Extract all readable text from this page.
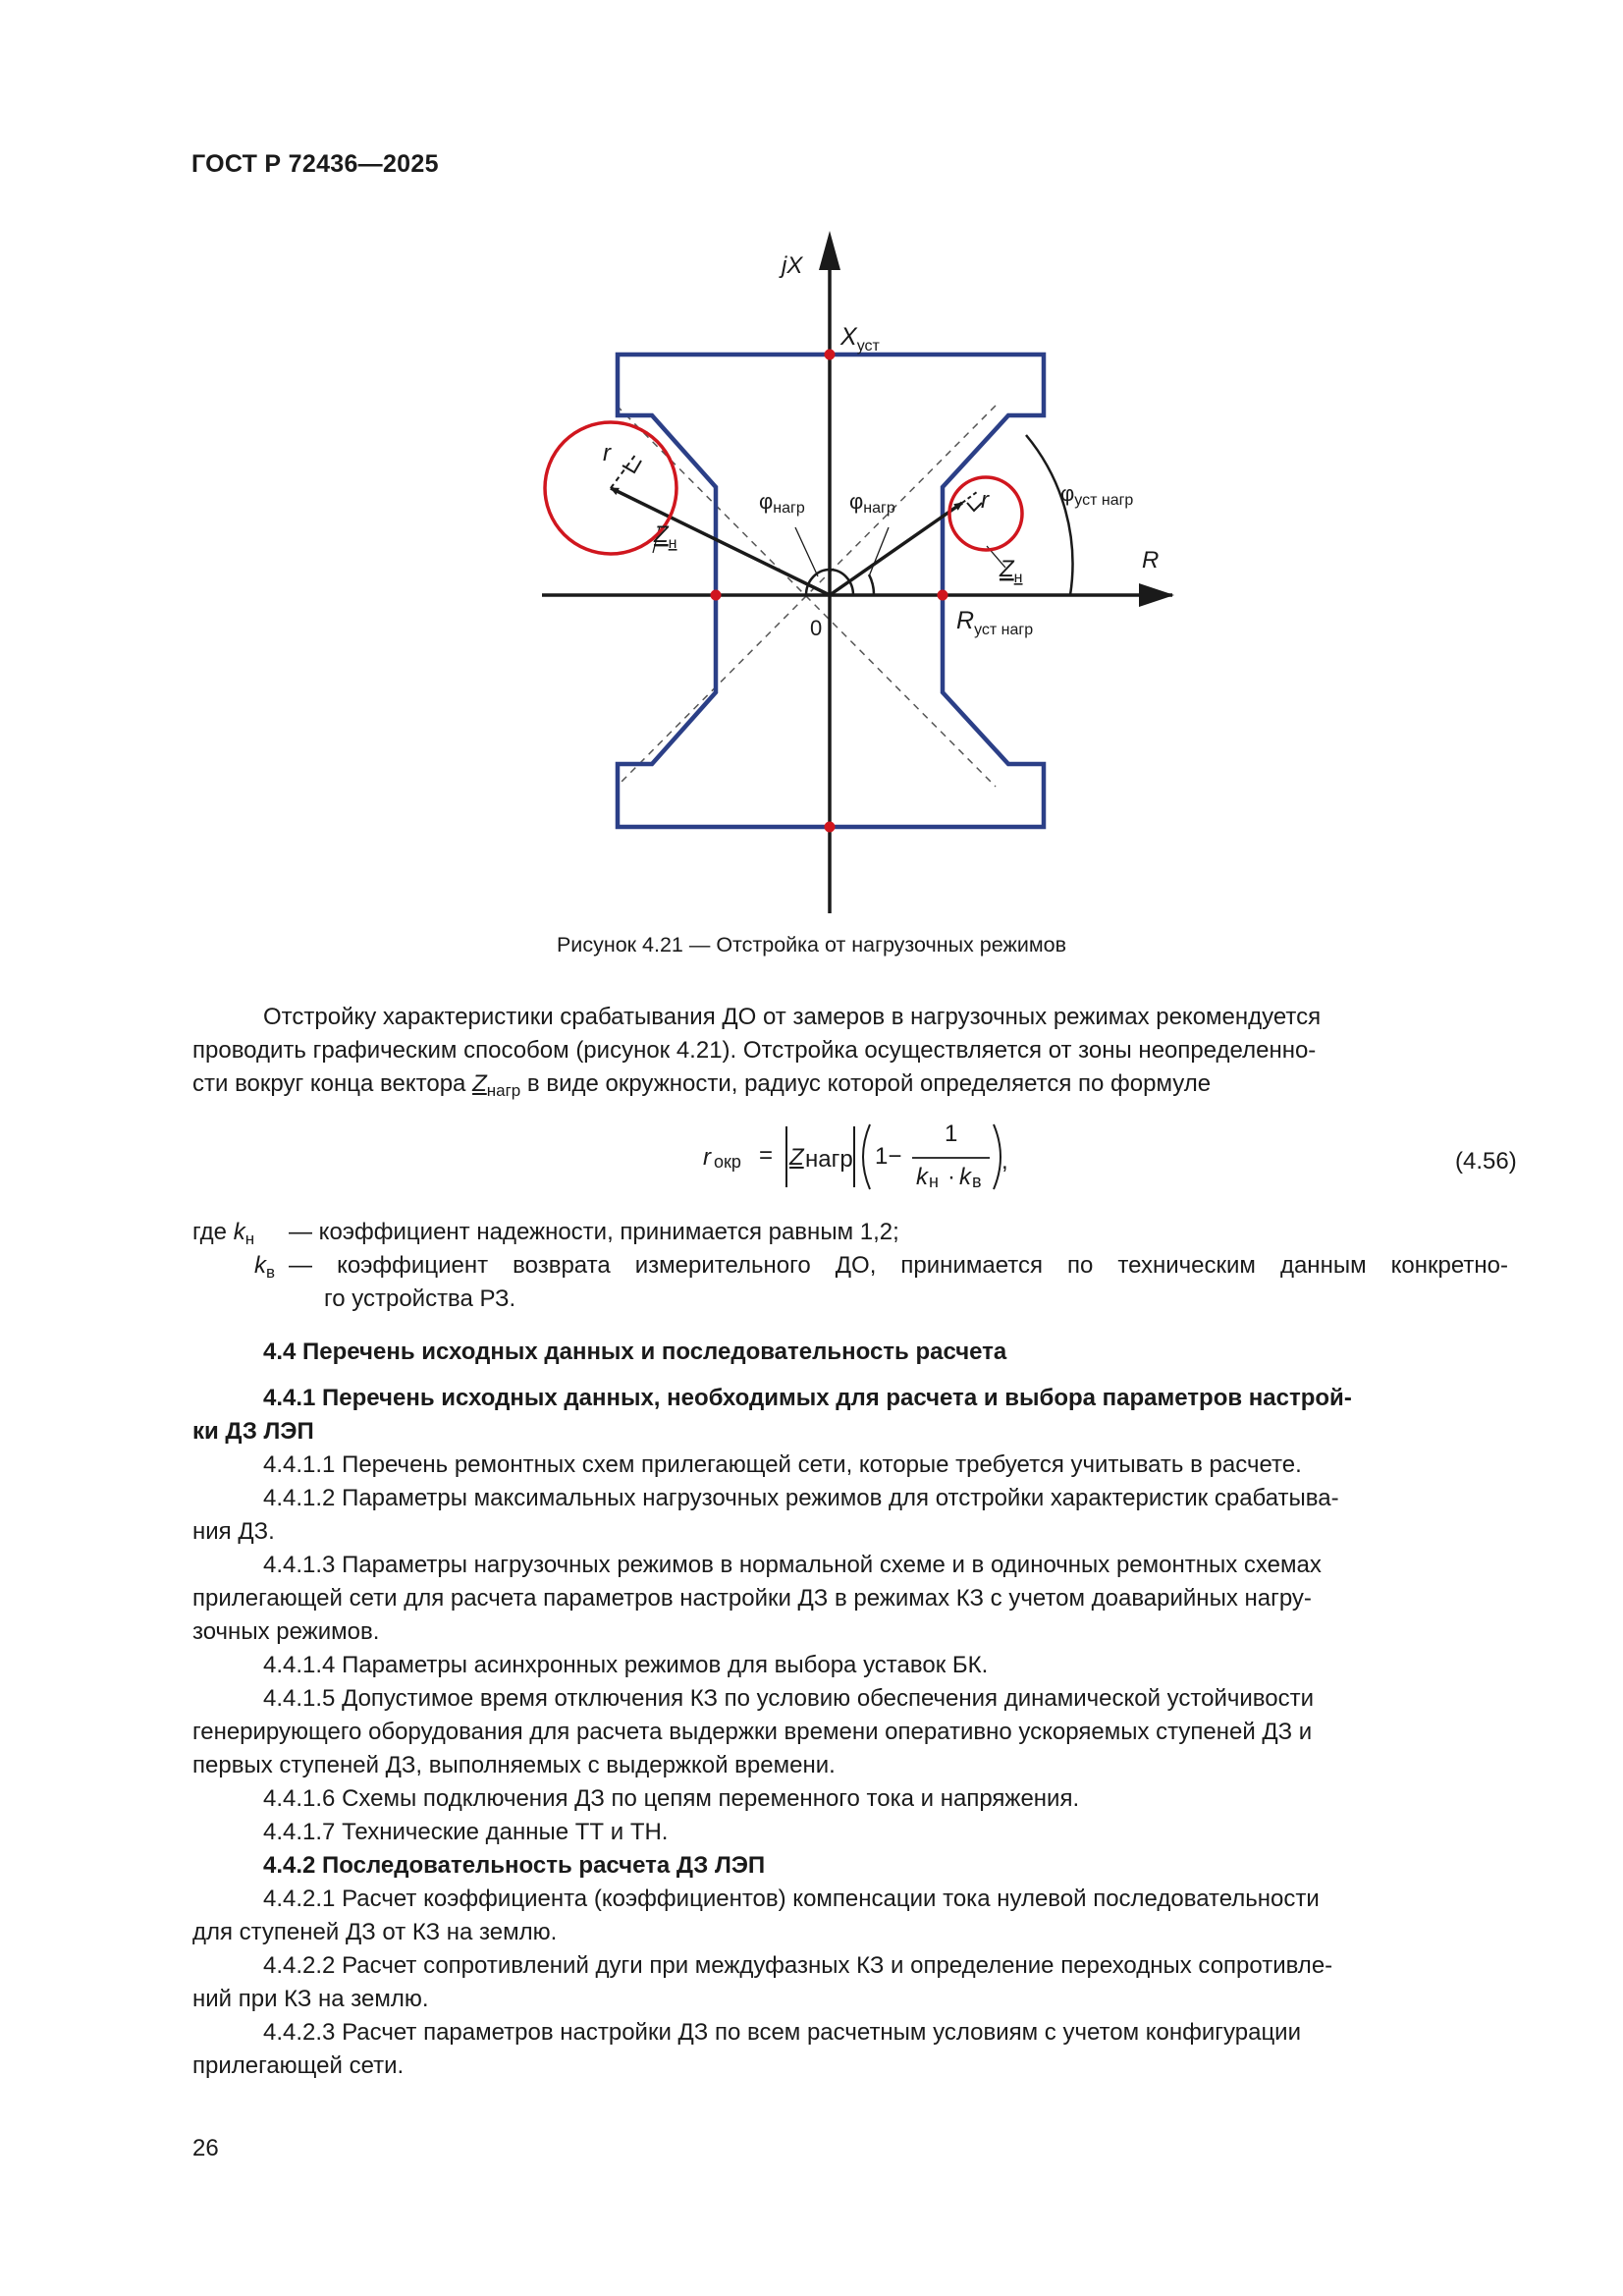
ГОСТ Р 72436—2025
jX
R
0
$X_{уст}$
$R_{уст нагр}$
φнагр φнагр
φуст нагр
$Z_н$
$Z_н$
r
r
Рисунок 4.21 — Отстройка от нагрузочных режимов
Отстройку характеристики срабатывания ДО от замеров в нагрузочных режимах рекомендуется
проводить графическим способом (рисунок 4.21). Отстройка осуществляется от зоны неопределенно-
сти вокруг конца вектора $Z_{нагр}$ в виде окружности, радиус которой определяется по формуле
r окр = Z нагр 1−
1
k н · k в
,	(4.56)
где $k_н$ — коэффициент надежности, принимается равным 1,2;
$k_в$ — коэффициент возврата измерительного ДО, принимается по техническим данным конкретно-
го устройства РЗ.
4.4 Перечень исходных данных и последовательность расчета
4.4.1 Перечень исходных данных, необходимых для расчета и выбора параметров настрой-
ки ДЗ ЛЭП
4.4.1.1 Перечень ремонтных схем прилегающей сети, которые требуется учитывать в расчете.
4.4.1.2 Параметры максимальных нагрузочных режимов для отстройки характеристик срабатыва-
ния ДЗ.
4.4.1.3 Параметры нагрузочных режимов в нормальной схеме и в одиночных ремонтных схемах
прилегающей сети для расчета параметров настройки ДЗ в режимах КЗ с учетом доаварийных нагру-
зочных режимов.
4.4.1.4 Параметры асинхронных режимов для выбора уставок БК.
4.4.1.5 Допустимое время отключения КЗ по условию обеспечения динамической устойчивости
генерирующего оборудования для расчета выдержки времени оперативно ускоряемых ступеней ДЗ и
первых ступеней ДЗ, выполняемых с выдержкой времени.
4.4.1.6 Схемы подключения ДЗ по цепям переменного тока и напряжения.
4.4.1.7 Технические данные ТТ и ТН.
4.4.2 Последовательность расчета ДЗ ЛЭП
4.4.2.1 Расчет коэффициента (коэффициентов) компенсации тока нулевой последовательности
для ступеней ДЗ от КЗ на землю.
4.4.2.2 Расчет сопротивлений дуги при междуфазных КЗ и определение переходных сопротивле-
ний при КЗ на землю.
4.4.2.3 Расчет параметров настройки ДЗ по всем расчетным условиям с учетом конфигурации
прилегающей сети.
26
